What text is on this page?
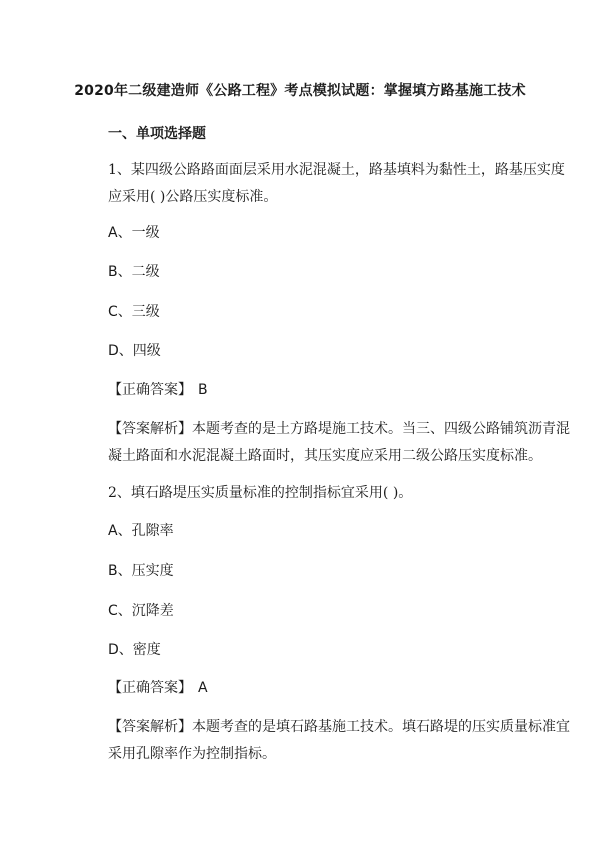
2020年二级建造师《公路工程》考点模拟试题：掌握填方路基施工技术
一、单项选择题
1、某四级公路路面面层采用水泥混凝土，路基填料为黏性土，路基压实度
应采用( )公路压实度标准。
A、一级
B、二级
C、三级
D、四级
【正确答案】 B
【答案解析】本题考查的是土方路堤施工技术。当三、四级公路铺筑沥青混
凝土路面和水泥混凝土路面时，其压实度应采用二级公路压实度标准。
2、填石路堤压实质量标准的控制指标宜采用( )。
A、孔隙率
B、压实度
C、沉降差
D、密度
【正确答案】 A
【答案解析】本题考查的是填石路基施工技术。填石路堤的压实质量标准宜
采用孔隙率作为控制指标。
